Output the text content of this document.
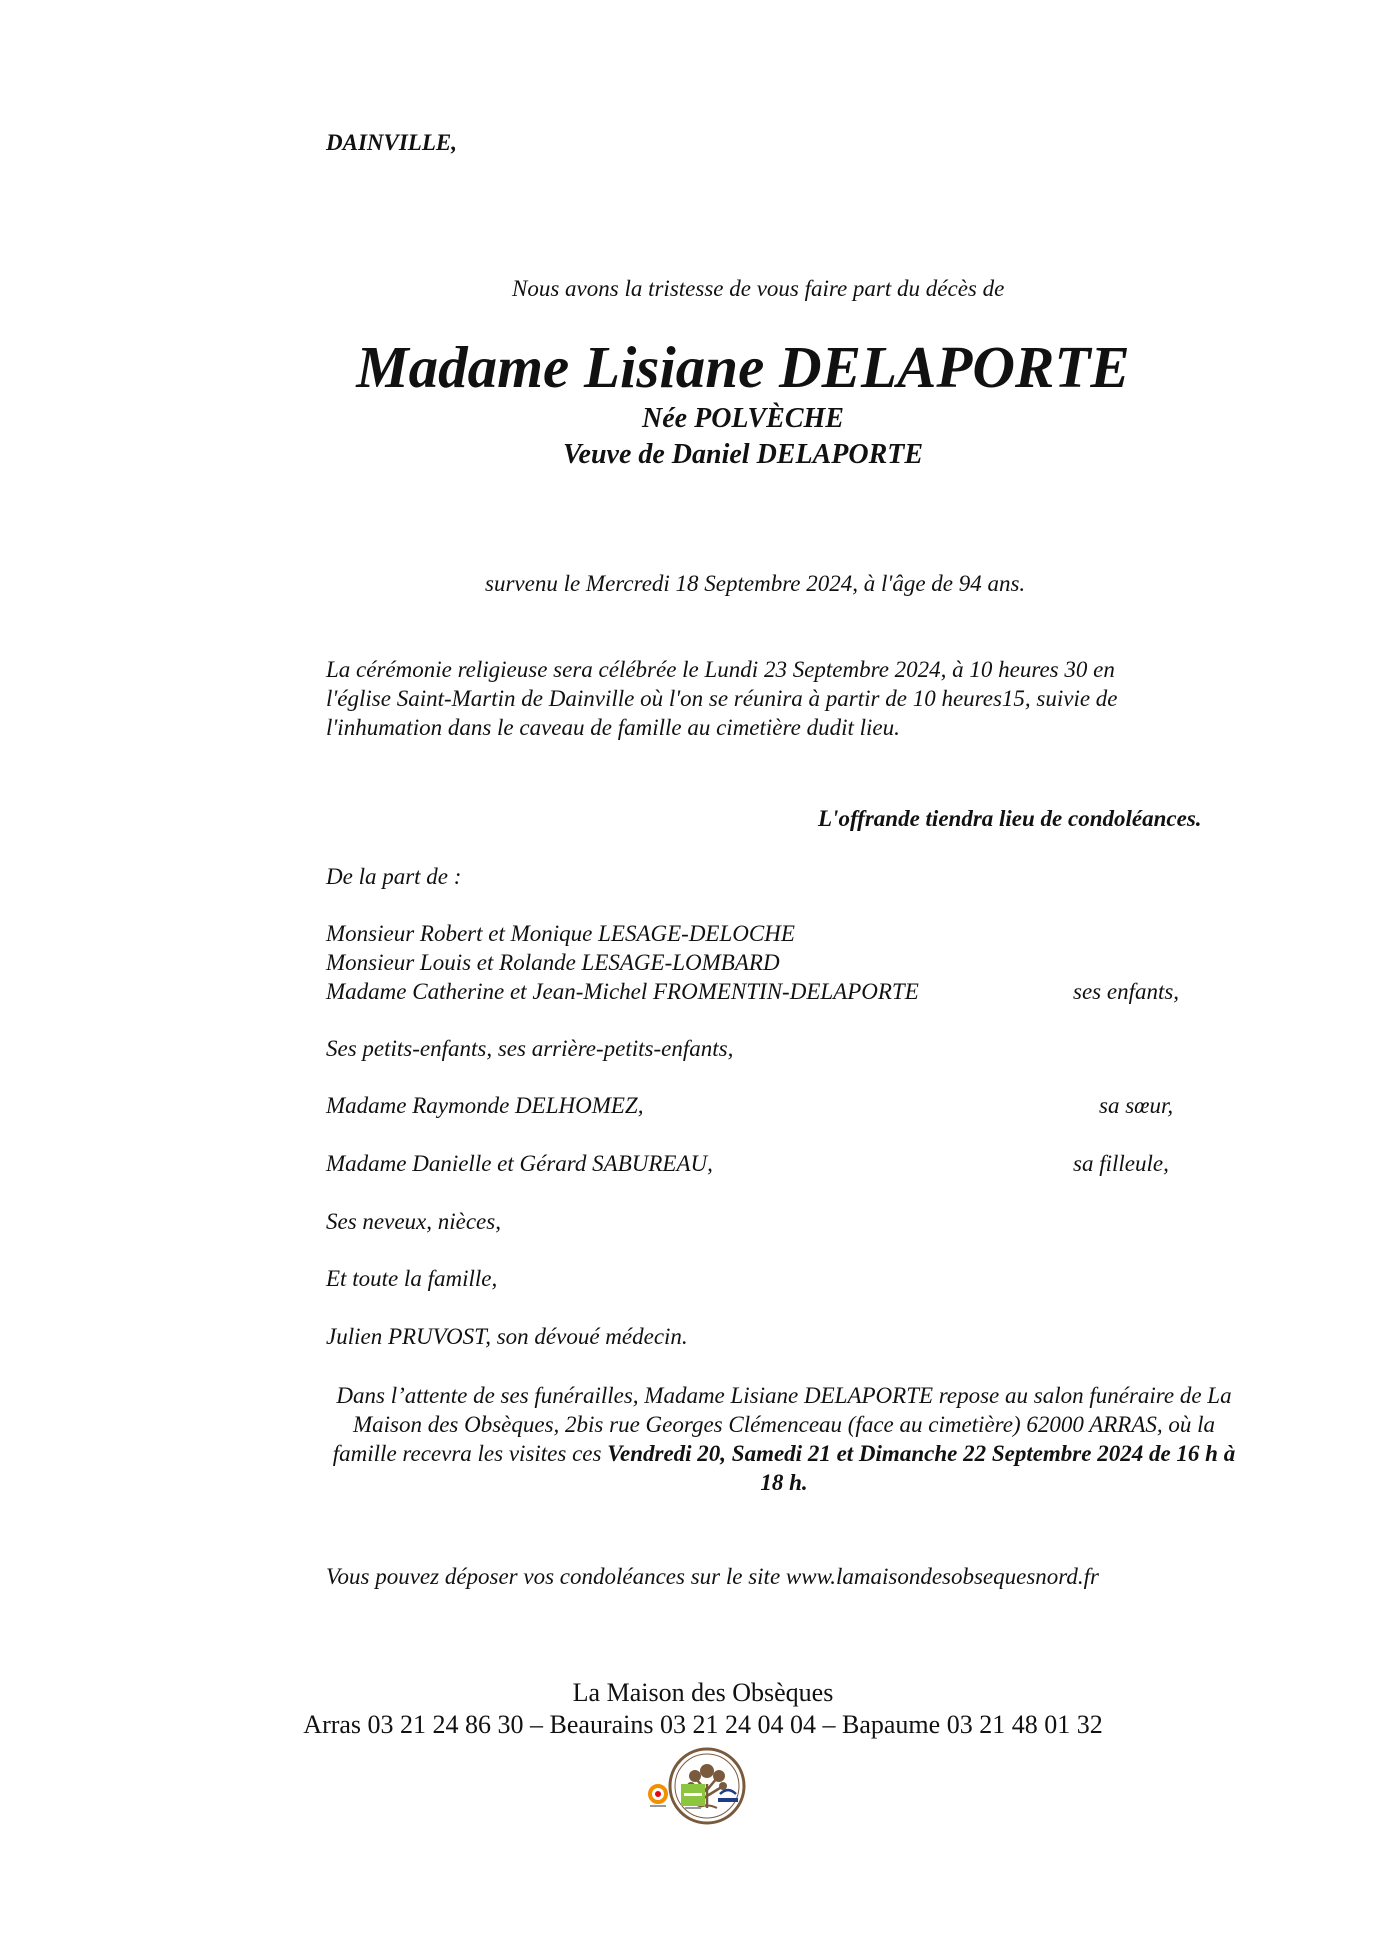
DAINVILLE,
Nous avons la tristesse de vous faire part du décès de
Madame Lisiane DELAPORTE
Née POLVÈCHE
Veuve de Daniel DELAPORTE
survenu le Mercredi 18 Septembre 2024, à l'âge de 94 ans.
La cérémonie religieuse sera célébrée le Lundi 23 Septembre 2024, à 10 heures 30 en
l'église Saint-Martin de Dainville où l'on se réunira à partir de 10 heures15, suivie de
l'inhumation dans le caveau de famille au cimetière dudit lieu.
L'offrande tiendra lieu de condoléances.
De la part de :
Monsieur Robert et Monique LESAGE-DELOCHE
Monsieur Louis et Rolande LESAGE-LOMBARD
Madame Catherine et Jean-Michel FROMENTIN-DELAPORTE	ses enfants,
Ses petits-enfants, ses arrière-petits-enfants,
Madame Raymonde DELHOMEZ,	sa sœur,
Madame Danielle et Gérard SABUREAU,	sa filleule,
Ses neveux, nièces,
Et toute la famille,
Julien PRUVOST, son dévoué médecin.
Dans l’attente de ses funérailles, Madame Lisiane DELAPORTE repose au salon funéraire de La Maison des Obsèques, 2bis rue Georges Clémenceau (face au cimetière) 62000 ARRAS, où la famille recevra les visites ces Vendredi 20, Samedi 21 et Dimanche 22 Septembre 2024 de 16 h à 18 h.
Vous pouvez déposer vos condoléances sur le site www.lamaisondesobsequesnord.fr
La Maison des Obsèques
Arras 03 21 24 86 30 – Beaurains 03 21 24 04 04 – Bapaume 03 21 48 01 32
